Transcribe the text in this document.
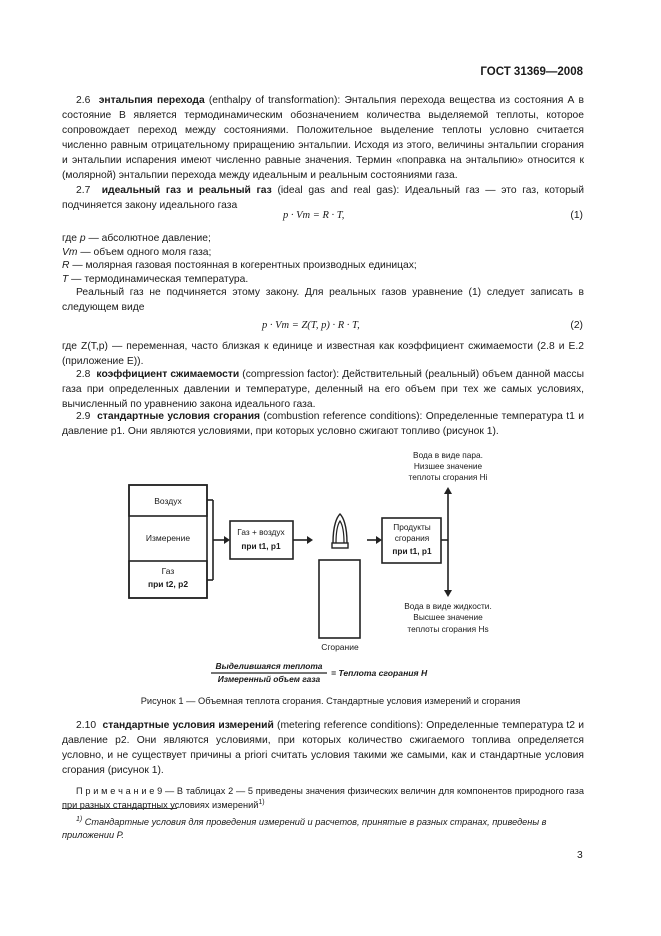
ГОСТ 31369—2008
2.6 энтальпия перехода (enthalpy of transformation): Энтальпия перехода вещества из состояния А в состояние В является термодинамическим обозначением количества выделяемой теплоты, которое сопровождает переход между состояниями. Положительное выделение теплоты условно считается численно равным отрицательному приращению энтальпии. Исходя из этого, величины энтальпии сгорания и энтальпии испарения имеют численно равные значения. Термин «поправка на энтальпию» относится к (молярной) энтальпии перехода между идеальным и реальным состояниями газа.
2.7 идеальный газ и реальный газ (ideal gas and real gas): Идеальный газ — это газ, который подчиняется закону идеального газа
p · Vm = R · T,	(1)
где p — абсолютное давление;
Vm — объем одного моля газа;
R — молярная газовая постоянная в когерентных производных единицах;
T — термодинамическая температура.
Реальный газ не подчиняется этому закону. Для реальных газов уравнение (1) следует записать в следующем виде
p · Vm = Z(T, p) · R · T,	(2)
где Z(T,p) — переменная, часто близкая к единице и известная как коэффициент сжимаемости (2.8 и Е.2 (приложение Е)).
2.8 коэффициент сжимаемости (compression factor): Действительный (реальный) объем данной массы газа при определенных давлении и температуре, деленный на его объем при тех же самых условиях, вычисленный по уравнению закона идеального газа.
2.9 стандартные условия сгорания (combustion reference conditions): Определенные температура t1 и давление p1. Они являются условиями, при которых условно сжигают топливо (рисунок 1).
Воздух
Измерение
Газ
при t2, p2
Газ + воздух
при t1, p1
Сгорание
Продукты
сгорания
при t1, p1
Вода в виде пара.
Низшее значение
теплоты сгорания Hi
Вода в виде жидкости.
Высшее значение
теплоты сгорания Hs
Выделившаяся теплота
Измеренный объем газа
= Теплота сгорания H
Рисунок 1 — Объемная теплота сгорания. Стандартные условия измерений и сгорания
2.10 стандартные условия измерений (metering reference conditions): Определенные температура t2 и давление p2. Они являются условиями, при которых количество сжигаемого топлива определяется условно, и не существует причины a priori считать условия такими же самыми, как и стандартные условия сгорания (рисунок 1).
П р и м е ч а н и е 9 — В таблицах 2 — 5 приведены значения физических величин для компонентов природного газа при разных стандартных условиях измерений$^{1)}$
$^{1)}$ Стандартные условия для проведения измерений и расчетов, принятые в разных странах, приведены в приложении Р.
3
